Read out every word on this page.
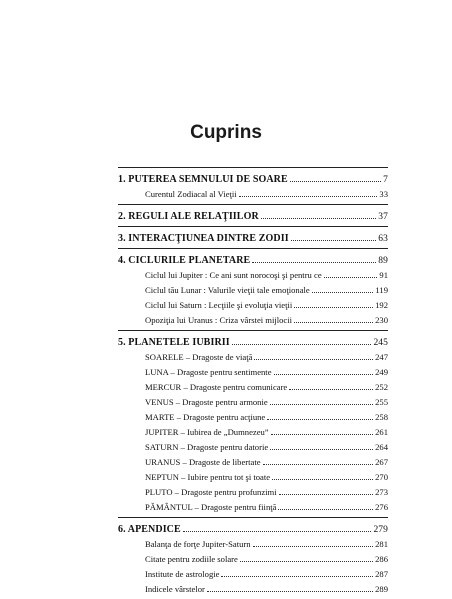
Cuprins
1. PUTEREA SEMNULUI DE SOARE	7
Curentul Zodiacal al Vieţii	33
2. REGULI ALE RELAŢIILOR	37
3. INTERACŢIUNEA DINTRE ZODII	63
4. CICLURILE PLANETARE	89
Ciclul lui Jupiter : Ce ani sunt norocoşi şi pentru ce	91
Ciclul tău Lunar : Valurile vieţii tale emoţionale	119
Ciclul lui Saturn : Lecţiile şi evoluţia vieţii	192
Opoziţia lui Uranus : Criza vârstei mijlocii	230
5. PLANETELE IUBIRII	245
SOARELE – Dragoste de viaţă	247
LUNA – Dragoste pentru sentimente	249
MERCUR – Dragoste pentru comunicare	252
VENUS – Dragoste pentru armonie	255
MARTE – Dragoste pentru acţiune	258
JUPITER – Iubirea de „Dumnezeu”	261
SATURN – Dragoste pentru datorie	264
URANUS – Dragoste de libertate	267
NEPTUN – Iubire pentru tot şi toate	270
PLUTO – Dragoste pentru profunzimi	273
PĂMÂNTUL – Dragoste pentru fiinţă	276
6. APENDICE	279
Balanţa de forţe Jupiter-Saturn	281
Citate pentru zodiile solare	286
Institute de astrologie	287
Indicele vârstelor	289
